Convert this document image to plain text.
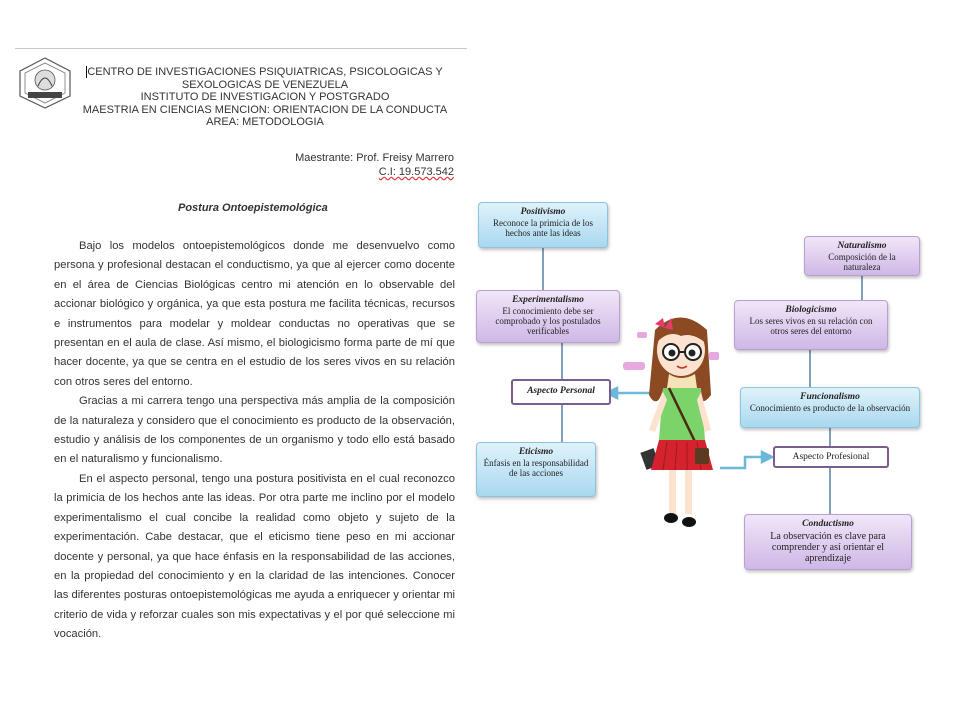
CENTRO DE INVESTIGACIONES PSIQUIATRICAS, PSICOLOGICAS Y
SEXOLOGICAS DE VENEZUELA
INSTITUTO DE INVESTIGACION Y POSTGRADO
MAESTRIA EN CIENCIAS MENCION: ORIENTACION DE LA CONDUCTA
AREA: METODOLOGIA
Maestrante: Prof. Freisy Marrero
C.I: 19.573.542
Postura Ontoepistemológica

Bajo los modelos ontoepistemológicos donde me desenvuelvo como persona y profesional destacan el conductismo, ya que al ejercer como docente en el área de Ciencias Biológicas centro mi atención en lo observable del accionar biológico y orgánica, ya que esta postura me facilita técnicas, recursos e instrumentos para modelar y moldear conductas no operativas que se presentan en el aula de clase. Así mismo, el biologicismo forma parte de mí que hacer docente, ya que se centra en el estudio de los seres vivos en su relación con otros seres del entorno.

Gracias a mi carrera tengo una perspectiva más amplia de la composición de la naturaleza y considero que el conocimiento es producto de la observación, estudio y análisis de los componentes de un organismo y todo ello está basado en el naturalismo y funcionalismo.

En el aspecto personal, tengo una postura positivista en el cual reconozco la primicia de los hechos ante las ideas. Por otra parte me inclino por el modelo experimentalismo el cual concibe la realidad como objeto y sujeto de la experimentación. Cabe destacar, que el eticismo tiene peso en mi accionar docente y personal, ya que hace énfasis en la responsabilidad de las acciones, en la propiedad del conocimiento y en la claridad de las intenciones. Conocer las diferentes posturas ontoepistemológicas me ayuda a enriquecer y orientar mi criterio de vida y reforzar cuales son mis expectativas y el por qué seleccione mi vocación.

Positivismo
Reconoce la primicia de los hechos ante las ideas
Experimentalismo
El conocimiento debe ser comprobado y los postulados verificables
Aspecto Personal
Eticismo
Énfasis en la responsabilidad de las acciones
Naturalismo
Composición de la naturaleza
Biologicismo
Los seres vivos en su relación con otros seres del entorno
Funcionalismo
Conocimiento es producto de la observación
Aspecto Profesional
Conductismo
La observación es clave para comprender y así orientar el aprendizaje
